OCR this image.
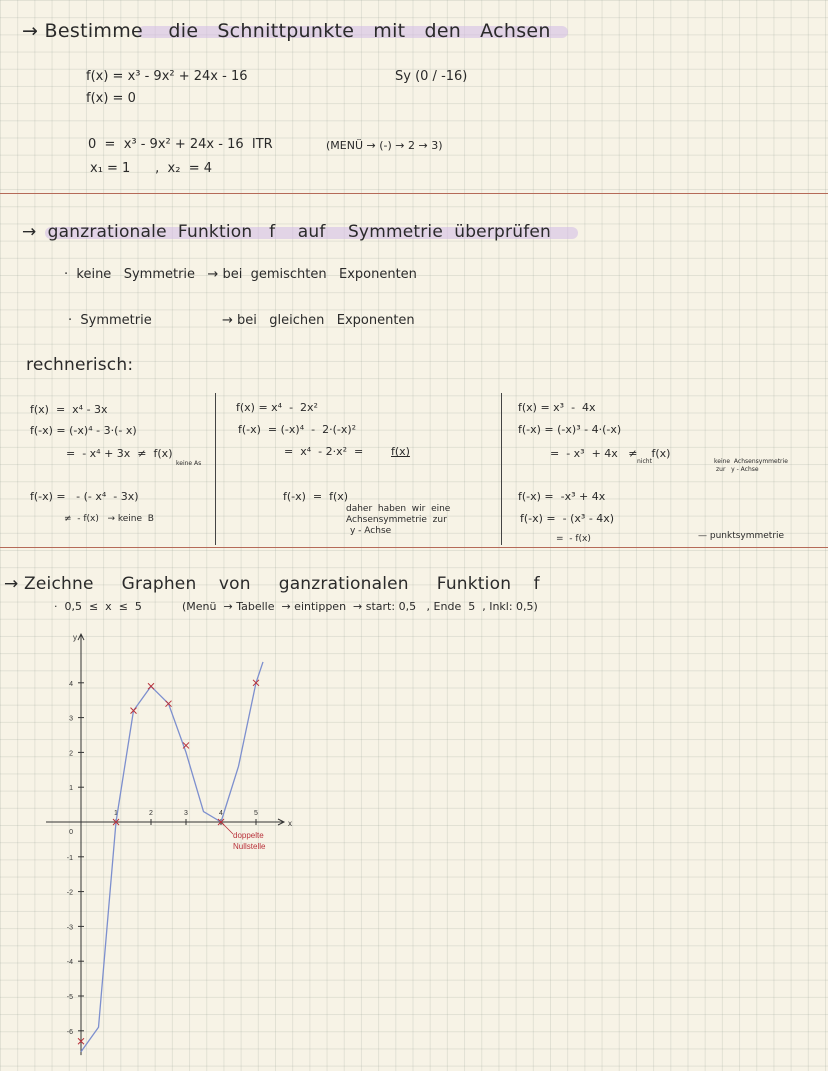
→ Bestimme    die   Schnittpunkte   mit   den   Achsen
f(x) = x³ - 9x² + 24x - 16	Sy (0 / -16)
f(x) = 0
0  =  x³ - 9x² + 24x - 16  ITR	(MENÜ → (-) → 2 → 3)
x₁ = 1      ,  x₂  = 4
→  ganzrationale  Funktion   f    auf    Symmetrie  überprüfen
·  keine   Symmetrie   → bei  gemischten   Exponenten
·  Symmetrie                 → bei   gleichen   Exponenten
rechnerisch:
f(x)  =  x⁴ - 3x
f(-x) = (-x)⁴ - 3·(- x)
=  - x⁴ + 3x  ≠  f(x)
keine As
f(-x) =   - (- x⁴  - 3x)
≠  - f(x)   → keine  B
f(x) = x⁴  -  2x²
f(-x)  = (-x)⁴  -  2·(-x)²
=  x⁴  - 2·x²  = f(x)
f(-x)  =  f(x)
daher  haben  wir  eine
Achsensymmetrie  zur
y - Achse
f(x) = x³  -  4x
f(-x) = (-x)³ - 4·(-x)
=  - x³  + 4x   ≠    f(x)
nicht	keine  Achsensymmetrie
zur   y - Achse
f(-x) =  -x³ + 4x
f(-x) =  - (x³ - 4x)
=  - f(x)	— punktsymmetrie
→ Zeichne     Graphen    von     ganzrationalen     Funktion    f
·  0,5  ≤  x  ≤  5	(Menü  → Tabelle  → eintippen  → start: 0,5   , Ende  5  , Inkl: 0,5)
x
y
1	2	3	4	5
4
3
2
1
0
-1
-2
-3
-4
-5
-6
doppelte
Nullstelle
